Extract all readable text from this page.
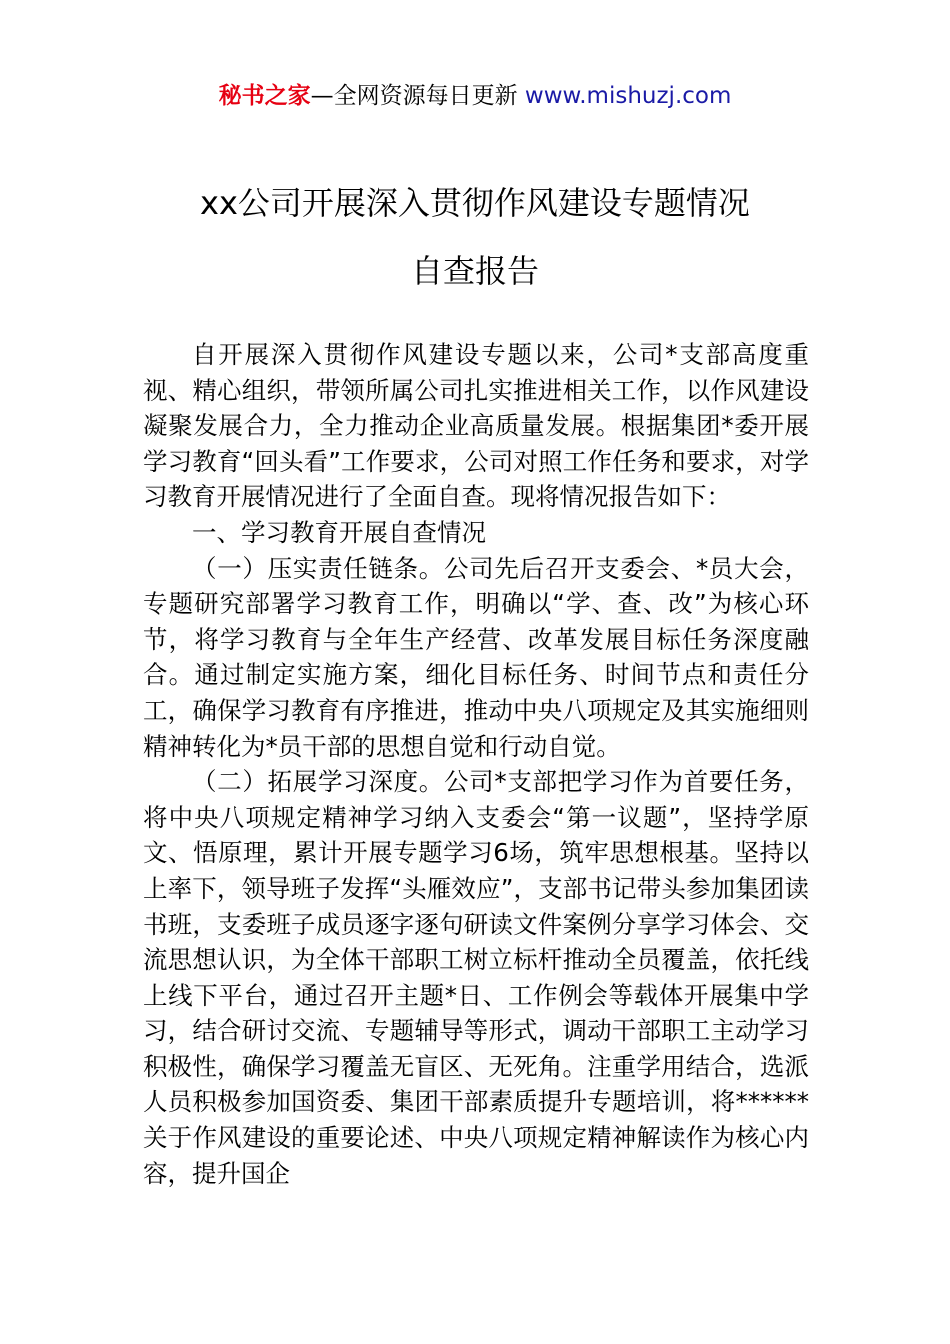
秘书之家—全网资源每日更新 www.mishuzj.com
xx公司开展深入贯彻作风建设专题情况
自查报告

自开展深入贯彻作风建设专题以来，公司*支部高度重视、精心组织，带领所属公司扎实推进相关工作，以作风建设凝聚发展合力，全力推动企业高质量发展。根据集团*委开展学习教育“回头看”工作要求，公司对照工作任务和要求，对学习教育开展情况进行了全面自查。现将情况报告如下：

一、学习教育开展自查情况

（一）压实责任链条。公司先后召开支委会、*员大会，专题研究部署学习教育工作，明确以“学、查、改”为核心环节，将学习教育与全年生产经营、改革发展目标任务深度融合。通过制定实施方案，细化目标任务、时间节点和责任分工，确保学习教育有序推进，推动中央八项规定及其实施细则精神转化为*员干部的思想自觉和行动自觉。

（二）拓展学习深度。公司*支部把学习作为首要任务，将中央八项规定精神学习纳入支委会“第一议题”，坚持学原文、悟原理，累计开展专题学习6场，筑牢思想根基。坚持以上率下，领导班子发挥“头雁效应”，支部书记带头参加集团读书班，支委班子成员逐字逐句研读文件案例分享学习体会、交流思想认识，为全体干部职工树立标杆推动全员覆盖，依托线上线下平台，通过召开主题*日、工作例会等载体开展集中学习，结合研讨交流、专题辅导等形式，调动干部职工主动学习积极性，确保学习覆盖无盲区、无死角。注重学用结合，选派人员积极参加国资委、集团干部素质提升专题培训，将******关于作风建设的重要论述、中央八项规定精神解读作为核心内容，提升国企
